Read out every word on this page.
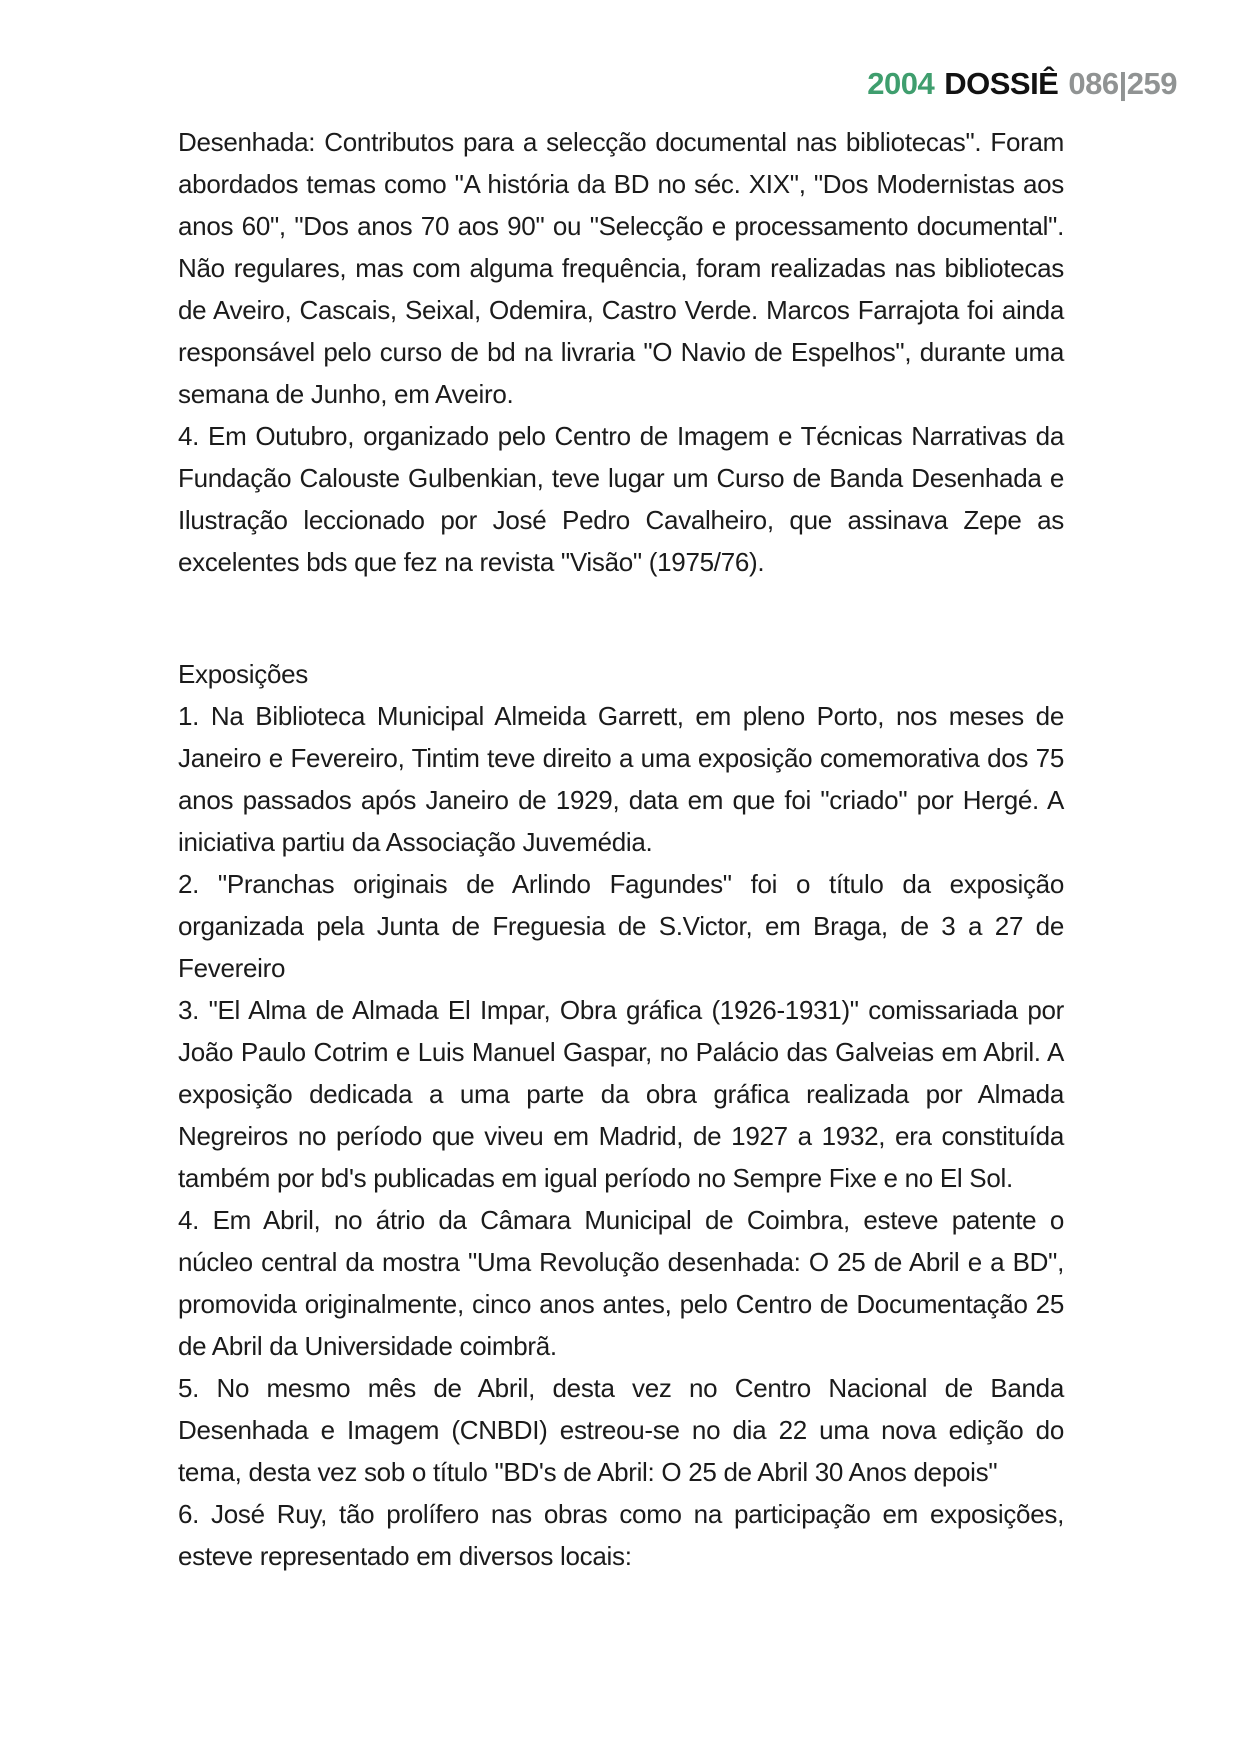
2004 DOSSIÊ 086|259

Desenhada: Contributos para a selecção documental nas bibliotecas". Foram abordados temas como "A história da BD no séc. XIX", "Dos Modernistas aos anos 60", "Dos anos 70 aos 90" ou "Selecção e processamento documental". Não regulares, mas com alguma frequência, foram realizadas nas bibliotecas de Aveiro, Cascais, Seixal, Odemira, Castro Verde. Marcos Farrajota foi ainda responsável pelo curso de bd na livraria "O Navio de Espelhos", durante uma semana de Junho, em Aveiro.

4. Em Outubro, organizado pelo Centro de Imagem e Técnicas Narrativas da Fundação Calouste Gulbenkian, teve lugar um Curso de Banda Desenhada e Ilustração leccionado por José Pedro Cavalheiro, que assinava Zepe as excelentes bds que fez na revista "Visão" (1975/76).

Exposições

1. Na Biblioteca Municipal Almeida Garrett, em pleno Porto, nos meses de Janeiro e Fevereiro, Tintim teve direito a uma exposição comemorativa dos 75 anos passados após Janeiro de 1929, data em que foi "criado" por Hergé. A iniciativa partiu da Associação Juvemédia.

2. "Pranchas originais de Arlindo Fagundes" foi o título da exposição organizada pela Junta de Freguesia de S.Victor, em Braga, de 3 a 27 de Fevereiro

3. "El Alma de Almada El Impar, Obra gráfica (1926-1931)" comissariada por João Paulo Cotrim e Luis Manuel Gaspar, no Palácio das Galveias em Abril. A exposição dedicada a uma parte da obra gráfica realizada por Almada Negreiros no período que viveu em Madrid, de 1927 a 1932, era constituída também por bd's publicadas em igual período no Sempre Fixe e no El Sol.

4. Em Abril, no átrio da Câmara Municipal de Coimbra, esteve patente o núcleo central da mostra "Uma Revolução desenhada: O 25 de Abril e a BD", promovida originalmente, cinco anos antes, pelo Centro de Documentação 25 de Abril da Universidade coimbrã.

5. No mesmo mês de Abril, desta vez no Centro Nacional de Banda Desenhada e Imagem (CNBDI) estreou-se no dia 22 uma nova edição do tema, desta vez sob o título "BD's de Abril: O 25 de Abril 30 Anos depois"

6. José Ruy, tão prolífero nas obras como na participação em exposições, esteve representado em diversos locais:
